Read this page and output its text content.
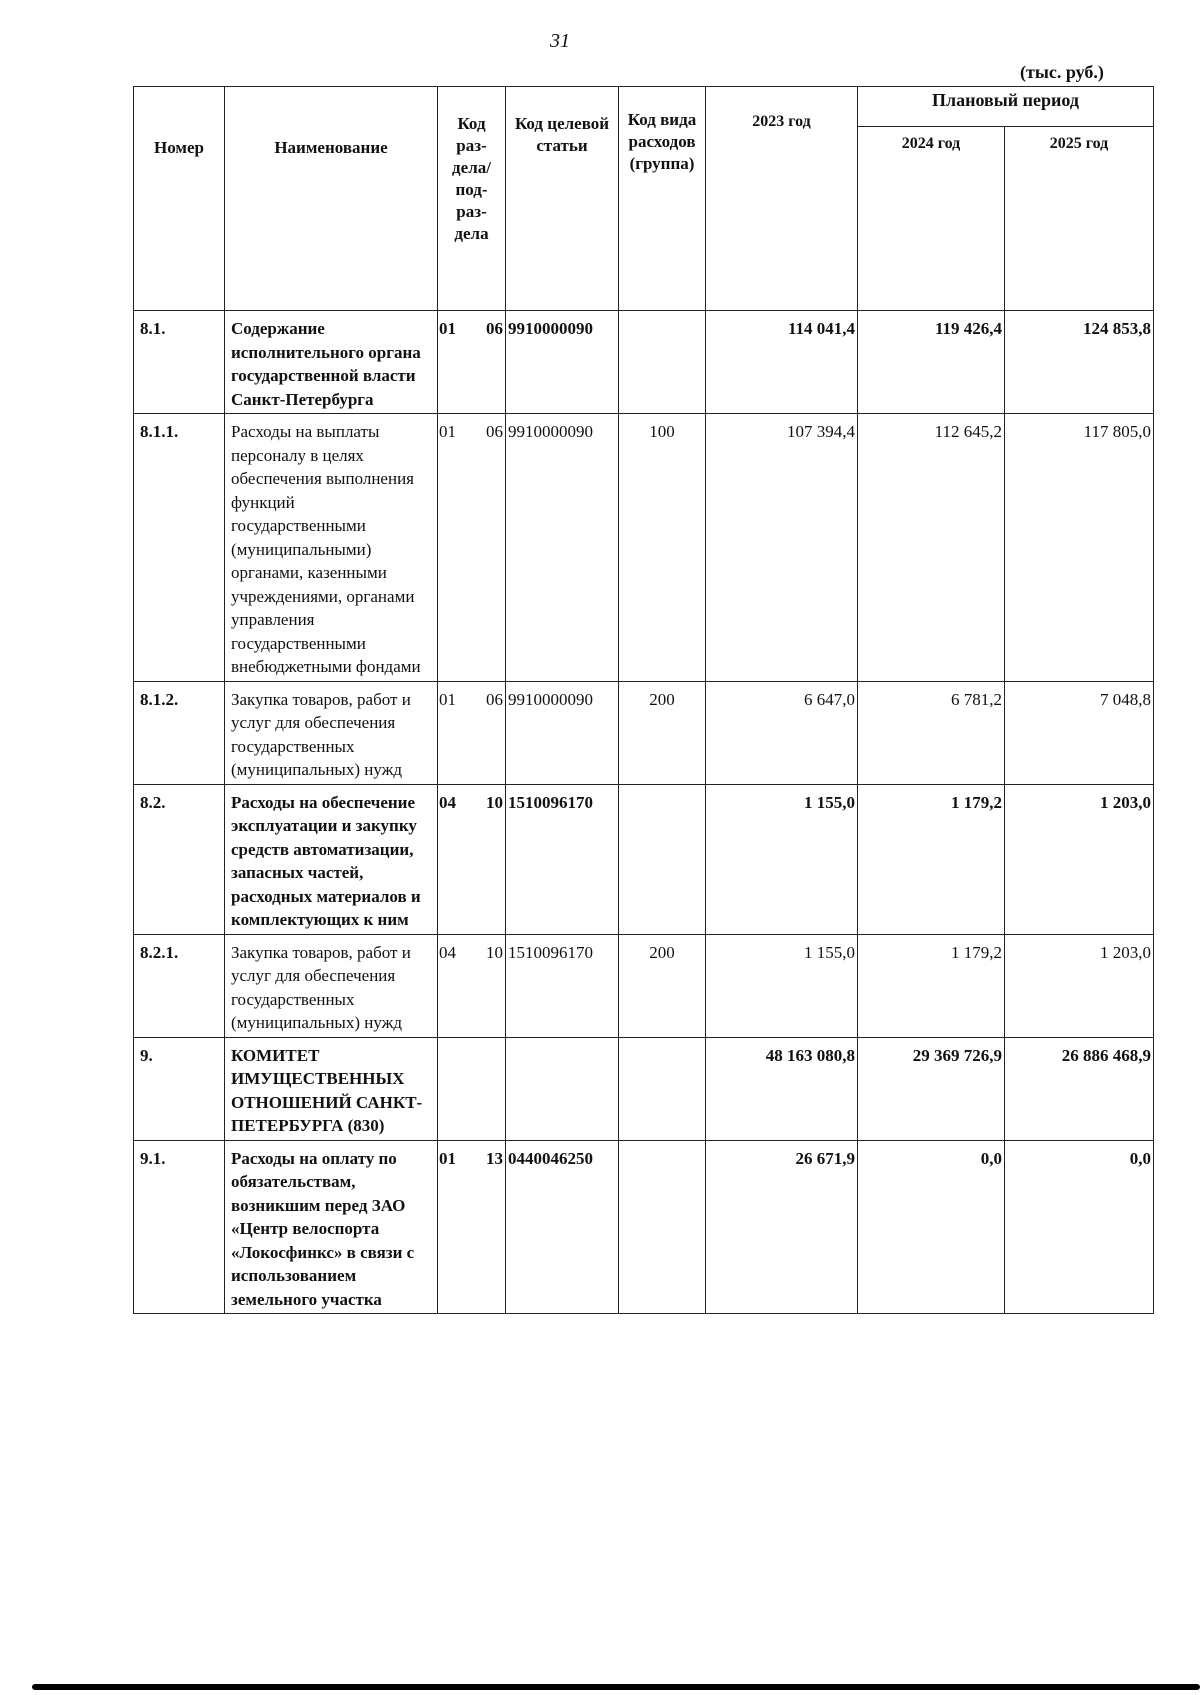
31
(тыс. руб.)
Номер	Наименование	Код раз-дела/ под-раз-дела	Код целевой статьи	Код вида расходов (группа)	2023 год	Плановый период	
						2024 год	2025 год
8.1.	Содержание исполнительного органа государственной власти Санкт-Петербурга	01 06	9910000090		114 041,4	119 426,4	124 853,8
8.1.1.	Расходы на выплаты персоналу в целях обеспечения выполнения функций государственными (муниципальными) органами, казенными учреждениями, органами управления государственными внебюджетными фондами	01 06	9910000090	100	107 394,4	112 645,2	117 805,0
8.1.2.	Закупка товаров, работ и услуг для обеспечения государственных (муниципальных) нужд	01 06	9910000090	200	6 647,0	6 781,2	7 048,8
8.2.	Расходы на обеспечение эксплуатации и закупку средств автоматизации, запасных частей, расходных материалов и комплектующих к ним	04 10	1510096170		1 155,0	1 179,2	1 203,0
8.2.1.	Закупка товаров, работ и услуг для обеспечения государственных (муниципальных) нужд	04 10	1510096170	200	1 155,0	1 179,2	1 203,0
9.	КОМИТЕТ ИМУЩЕСТВЕННЫХ ОТНОШЕНИЙ САНКТ-ПЕТЕРБУРГА (830)				48 163 080,8	29 369 726,9	26 886 468,9
9.1.	Расходы на оплату по обязательствам, возникшим перед ЗАО «Центр велоспорта «Локосфинкс» в связи с использованием земельного участка	01 13	0440046250		26 671,9	0,0	0,0
